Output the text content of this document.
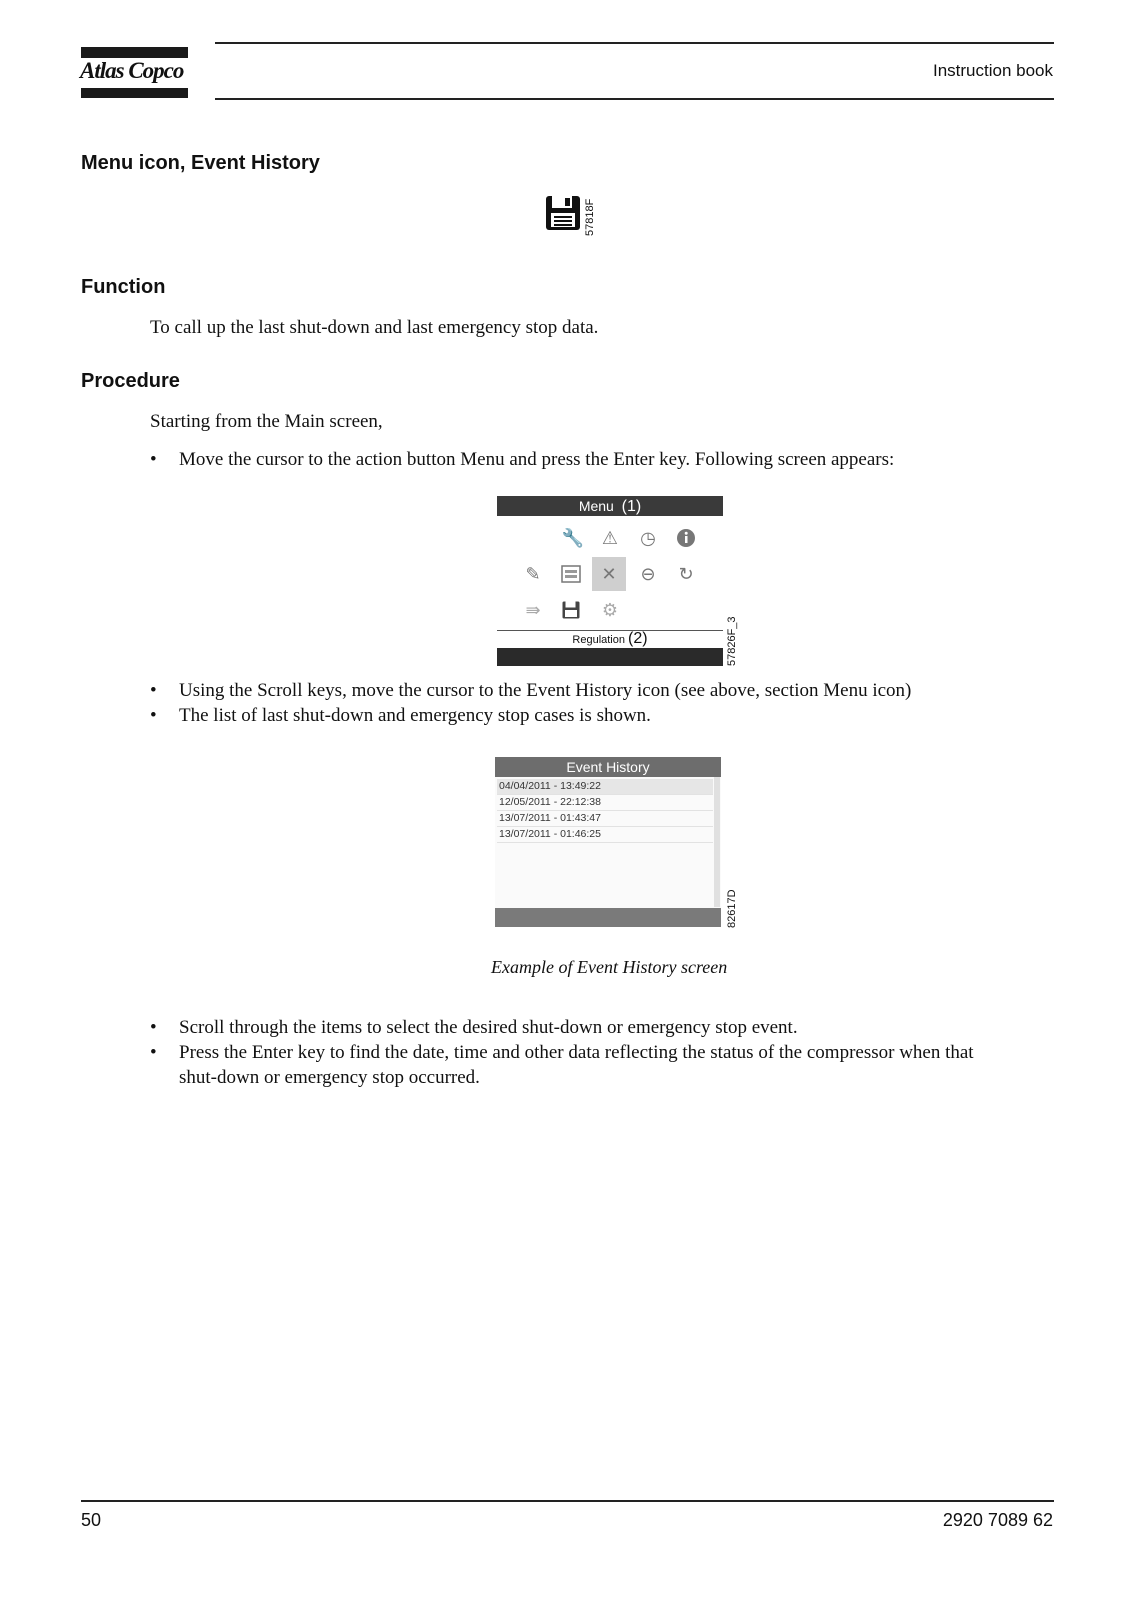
Atlas Copco	Instruction book
Menu icon, Event History
57818F
Function

To call up the last shut-down and last emergency stop data.

Procedure

Starting from the Main screen,

• Move the cursor to the action button Menu and press the Enter key. Following screen appears:
Menu (1)
🔧 ⚠ ◷
✎	✕	⊖ ↻
⇛	⚙
Regulation (2)	57826F_3
• Using the Scroll keys, move the cursor to the Event History icon (see above, section Menu icon)
• The list of last shut-down and emergency stop cases is shown.
Event History
04/04/2011 - 13:49:22
12/05/2011 - 22:12:38
13/07/2011 - 01:43:47
13/07/2011 - 01:46:25
82617D
Example of Event History screen
• Scroll through the items to select the desired shut-down or emergency stop event.
• Press the Enter key to find the date, time and other data reflecting the status of the compressor when that
shut-down or emergency stop occurred.
50	2920 7089 62
